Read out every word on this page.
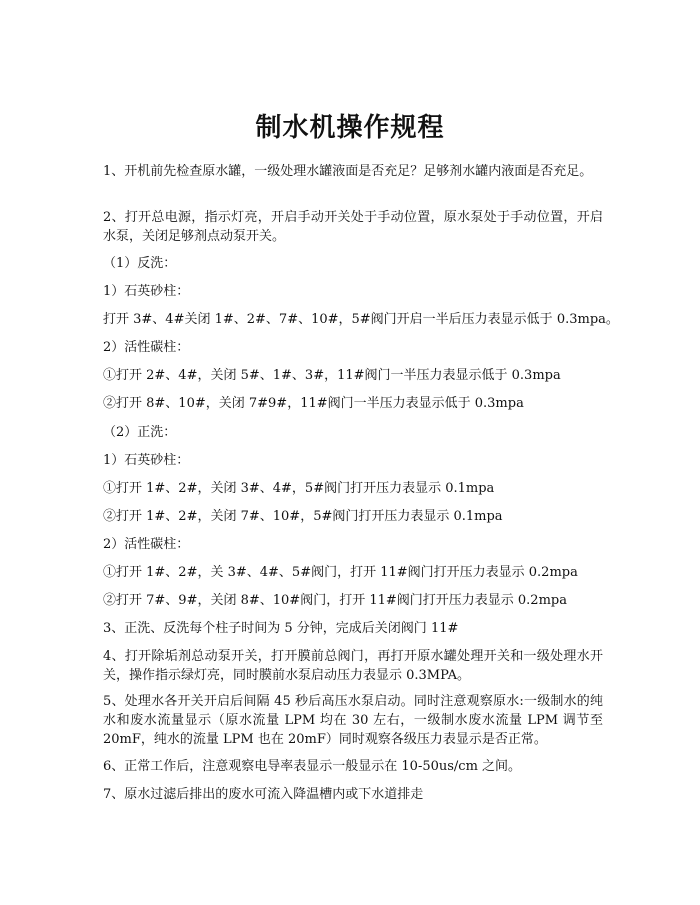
制水机操作规程

1、开机前先检查原水罐，一级处理水罐液面是否充足？足够剂水罐内液面是否充足。

2、打开总电源，指示灯亮，开启手动开关处于手动位置，原水泵处于手动位置，开启水泵，关闭足够剂点动泵开关。

（1）反洗：

1）石英砂柱：

打开 3#、4#关闭 1#、2#、7#、10#，5#阀门开启一半后压力表显示低于 0.3mpa。

2）活性碳柱：

①打开 2#、4#，关闭 5#、1#、3#，11#阀门一半压力表显示低于 0.3mpa

②打开 8#、10#，关闭 7#9#，11#阀门一半压力表显示低于 0.3mpa

（2）正洗：

1）石英砂柱：

①打开 1#、2#，关闭 3#、4#，5#阀门打开压力表显示 0.1mpa

②打开 1#、2#，关闭 7#、10#，5#阀门打开压力表显示 0.1mpa

2）活性碳柱：

①打开 1#、2#，关 3#、4#、5#阀门，打开 11#阀门打开压力表显示 0.2mpa

②打开 7#、9#，关闭 8#、10#阀门，打开 11#阀门打开压力表显示 0.2mpa

3、正洗、反洗每个柱子时间为 5 分钟，完成后关闭阀门 11#

4、打开除垢剂总动泵开关，打开膜前总阀门，再打开原水罐处理开关和一级处理水开关，操作指示绿灯亮，同时膜前水泵启动压力表显示 0.3MPA。

5、处理水各开关开启后间隔 45 秒后高压水泵启动。同时注意观察原水:一级制水的纯水和废水流量显示（原水流量 LPM 均在 30 左右，一级制水废水流量 LPM 调节至 20mF，纯水的流量 LPM 也在 20mF）同时观察各级压力表显示是否正常。

6、正常工作后，注意观察电导率表显示一般显示在 10-50us/cm 之间。

7、原水过滤后排出的废水可流入降温槽内或下水道排走
